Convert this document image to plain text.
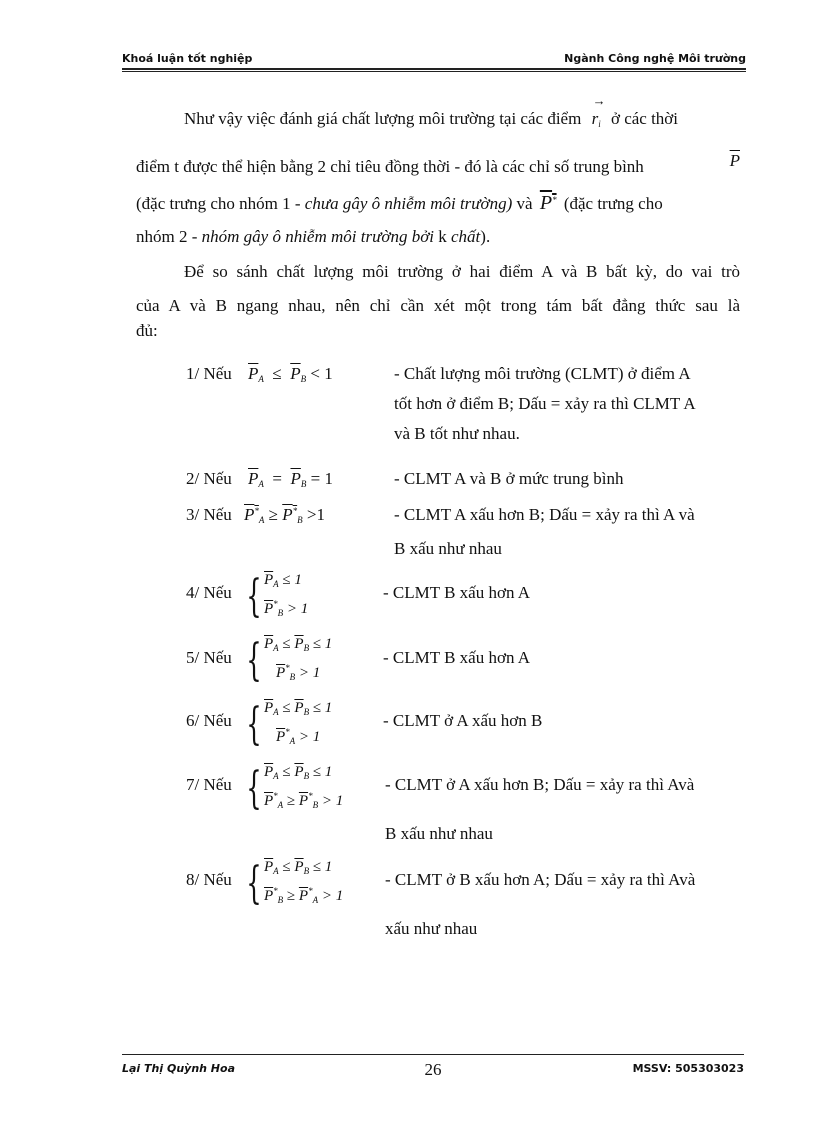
Khoá luận tốt nghiệp	Ngành Công nghệ Môi trường
Như vậy việc đánh giá chất lượng môi trường tại các điểm
→
$r_i$ ở các thời
điểm t được thể hiện bằng 2 chỉ tiêu đồng thời - đó là các chỉ số trung bình	$\overline{P}$
(đặc trưng cho nhóm 1 - chưa gây ô nhiễm môi trường) và P* (đặc trưng cho
nhóm 2 - nhóm gây ô nhiễm môi trường bởi k chất).
Để so sánh chất lượng môi trường ở hai điểm A và B bất kỳ, do vai trò
của A và B ngang nhau, nên chỉ cần xét một trong tám bất đẳng thức sau là
đủ:
1/ Nếu $\overline{P}_A \le \overline{P}_B < 1$	- Chất lượng môi trường (CLMT) ở điểm A
tốt hơn ở điểm B; Dấu = xảy ra thì CLMT A
và B tốt như nhau.
2/ Nếu $\overline{P}_A = \overline{P}_B = 1$	- CLMT A và B ở mức trung bình
3/ Nếu $P^*_A \ge P^*_B >1$	- CLMT A xấu hơn B; Dấu = xảy ra thì A và
B xấu như nhau
4/ Nếu { $\overline{P}_A \le 1$
$\overline{P}^*_B > 1$
- CLMT B xấu hơn A
5/ Nếu { $\overline{P}_A \le \overline{P}_B \le 1$
$\overline{P}^*_B > 1$
- CLMT B xấu hơn A
6/ Nếu { $\overline{P}_A \le \overline{P}_B \le 1$
$\overline{P}^*_A > 1$
- CLMT ở A xấu hơn B
7/ Nếu { $\overline{P}_A \le \overline{P}_B \le 1$
$\overline{P}^*_A \ge \overline{P}^*_B > 1$
- CLMT ở A xấu hơn B; Dấu = xảy ra thì Avà
B xấu như nhau
8/ Nếu { $\overline{P}_A \le \overline{P}_B \le 1$
$\overline{P}^*_B \ge \overline{P}^*_A > 1$
- CLMT ở B xấu hơn A; Dấu = xảy ra thì Avà
xấu như nhau
Lại Thị Quỳnh Hoa	26	MSSV: 505303023
